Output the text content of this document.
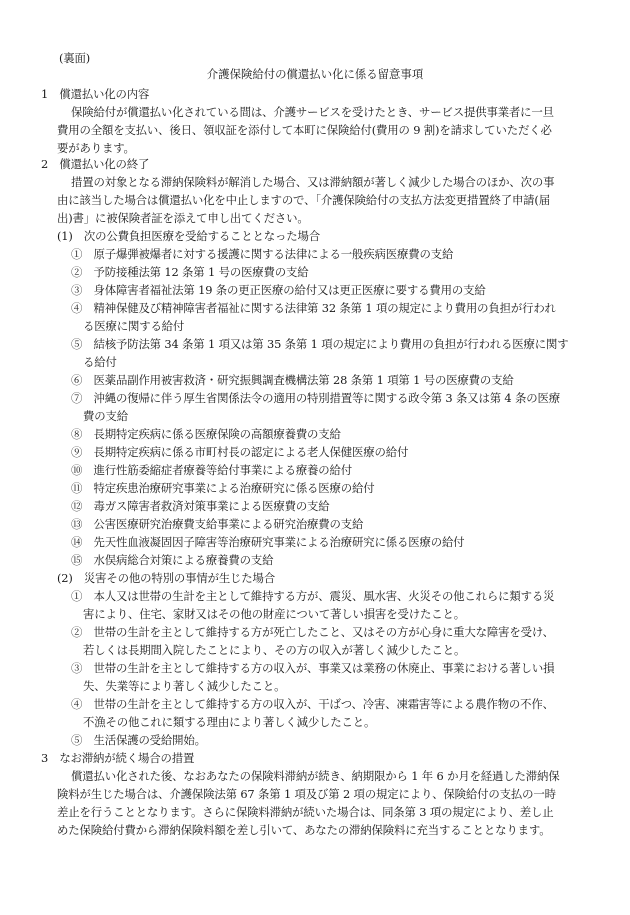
(裏面)
介護保険給付の償還払い化に係る留意事項
1　償還払い化の内容
保険給付が償還払い化されている間は、介護サービスを受けたとき、サービス提供事業者に一旦
費用の全額を支払い、後日、領収証を添付して本町に保険給付(費用の 9 割)を請求していただく必
要があります。
2　償還払い化の終了
措置の対象となる滞納保険料が解消した場合、又は滞納額が著しく減少した場合のほか、次の事
由に該当した場合は償還払い化を中止しますので、「介護保険給付の支払方法変更措置終了申請(届
出)書」に被保険者証を添えて申し出てください。
(1)　次の公費負担医療を受給することとなった場合
①　原子爆弾被爆者に対する援護に関する法律による一般疾病医療費の支給
②　予防接種法第 12 条第 1 号の医療費の支給
③　身体障害者福祉法第 19 条の更正医療の給付又は更正医療に要する費用の支給
④　精神保健及び精神障害者福祉に関する法律第 32 条第 1 項の規定により費用の負担が行われ
る医療に関する給付
⑤　結核予防法第 34 条第 1 項又は第 35 条第 1 項の規定により費用の負担が行われる医療に関す
る給付
⑥　医薬品副作用被害救済・研究振興調査機構法第 28 条第 1 項第 1 号の医療費の支給
⑦　沖縄の復帰に伴う厚生省関係法令の適用の特別措置等に関する政令第 3 条又は第 4 条の医療
費の支給
⑧　長期特定疾病に係る医療保険の高額療養費の支給
⑨　長期特定疾病に係る市町村長の認定による老人保健医療の給付
⑩　進行性筋委縮症者療養等給付事業による療養の給付
⑪　特定疾患治療研究事業による治療研究に係る医療の給付
⑫　毒ガス障害者救済対策事業による医療費の支給
⑬　公害医療研究治療費支給事業による研究治療費の支給
⑭　先天性血液凝固因子障害等治療研究事業による治療研究に係る医療の給付
⑮　水俣病総合対策による療養費の支給
(2)　災害その他の特別の事情が生じた場合
①　本人又は世帯の生計を主として維持する方が、震災、風水害、火災その他これらに類する災
害により、住宅、家財又はその他の財産について著しい損害を受けたこと。
②　世帯の生計を主として維持する方が死亡したこと、又はその方が心身に重大な障害を受け、
若しくは長期間入院したことにより、その方の収入が著しく減少したこと。
③　世帯の生計を主として維持する方の収入が、事業又は業務の休廃止、事業における著しい損
失、失業等により著しく減少したこと。
④　世帯の生計を主として維持する方の収入が、干ばつ、冷害、凍霜害等による農作物の不作、
不漁その他これに類する理由により著しく減少したこと。
⑤　生活保護の受給開始。
3　なお滞納が続く場合の措置
償還払い化された後、なおあなたの保険料滞納が続き、納期限から 1 年 6 か月を経過した滞納保
険料が生じた場合は、介護保険法第 67 条第 1 項及び第 2 項の規定により、保険給付の支払の一時
差止を行うこととなります。さらに保険料滞納が続いた場合は、同条第 3 項の規定により、差し止
めた保険給付費から滞納保険料額を差し引いて、あなたの滞納保険料に充当することとなります。
